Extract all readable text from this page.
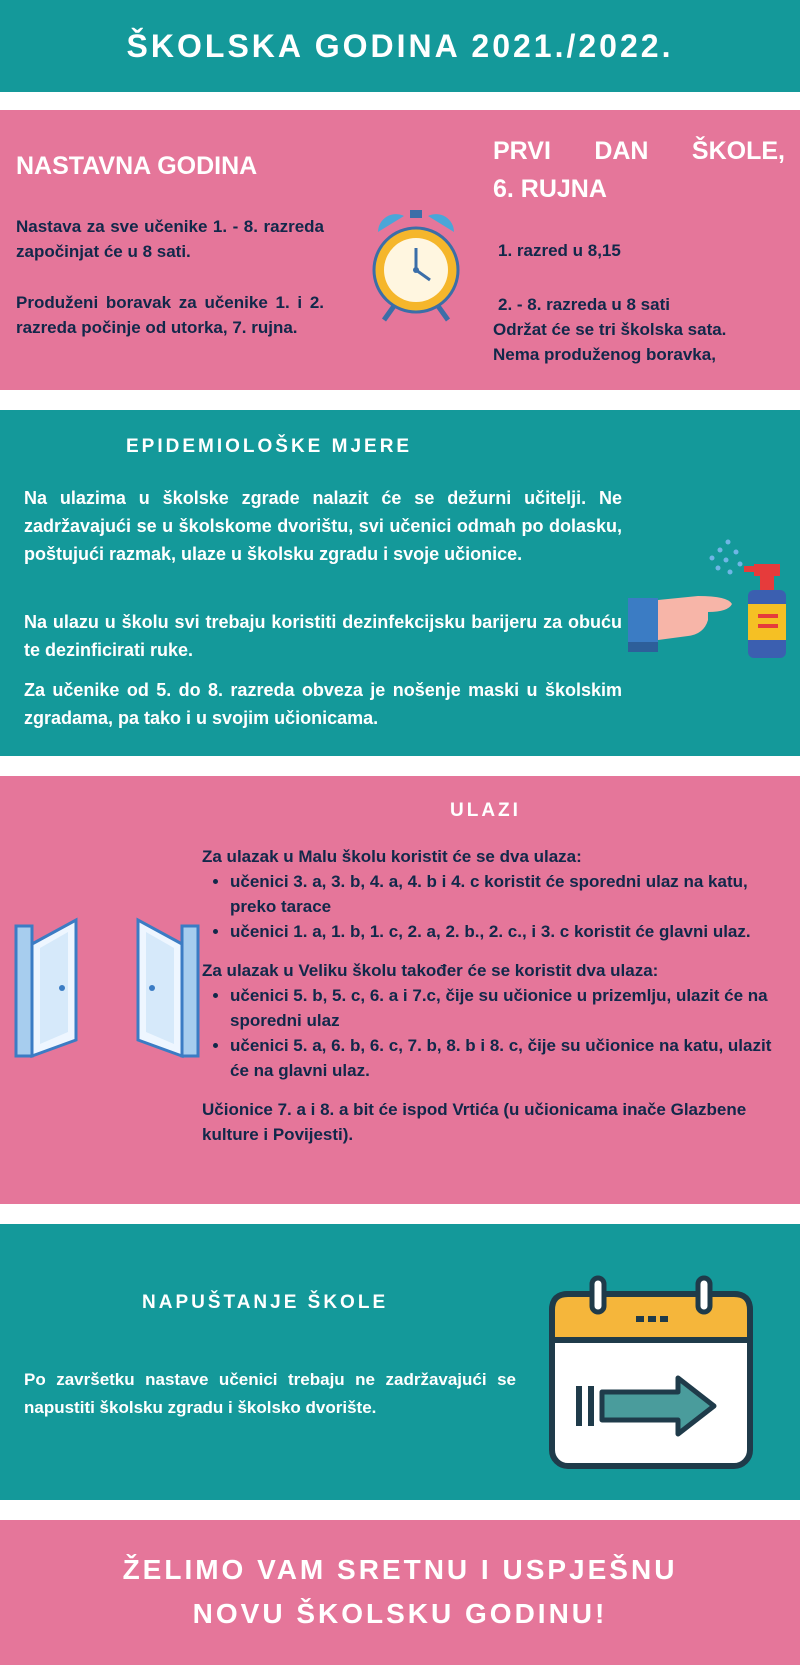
ŠKOLSKA GODINA 2021./2022.
NASTAVNA GODINA
Nastava za sve učenike 1. - 8. razreda započinjat će u 8 sati.
Produženi boravak za učenike 1. i 2. razreda počinje od utorka, 7. rujna.
PRVI DAN ŠKOLE,
6. RUJNA
1. razred u 8,15
2. - 8. razreda u 8 sati
Održat će se tri školska sata.
Nema produženog boravka,
EPIDEMIOLOŠKE MJERE
Na ulazima u školske zgrade nalazit će se dežurni učitelji. Ne zadržavajući se u školskome dvorištu, svi učenici odmah po dolasku, poštujući razmak, ulaze u školsku zgradu i svoje učionice.
Na ulazu u školu svi trebaju koristiti dezinfekcijsku barijeru za obuću te dezinficirati ruke.
Za učenike od 5. do 8. razreda obveza je nošenje maski u školskim zgradama, pa tako i u svojim učionicama.
ULAZI

Za ulazak u Malu školu koristit će se dva ulaza:

• učenici 3. a, 3. b, 4. a, 4. b i 4. c koristit će sporedni ulaz na katu, preko tarace
• učenici 1. a, 1. b, 1. c, 2. a, 2. b., 2. c., i 3. c koristit će glavni ulaz.

Za ulazak u Veliku školu također će se koristit dva ulaza:

• učenici 5. b, 5. c, 6. a i 7.c, čije su učionice u prizemlju, ulazit će na sporedni ulaz
• učenici 5. a, 6. b, 6. c, 7. b, 8. b i 8. c, čije su učionice na katu, ulazit će na glavni ulaz.

Učionice 7. a i 8. a bit će ispod Vrtića (u učionicama inače Glazbene kulture i Povijesti).

NAPUŠTANJE ŠKOLE
Po završetku nastave učenici trebaju ne zadržavajući se napustiti školsku zgradu i školsko dvorište.
ŽELIMO VAM SRETNU I USPJEŠNU
NOVU ŠKOLSKU GODINU!
